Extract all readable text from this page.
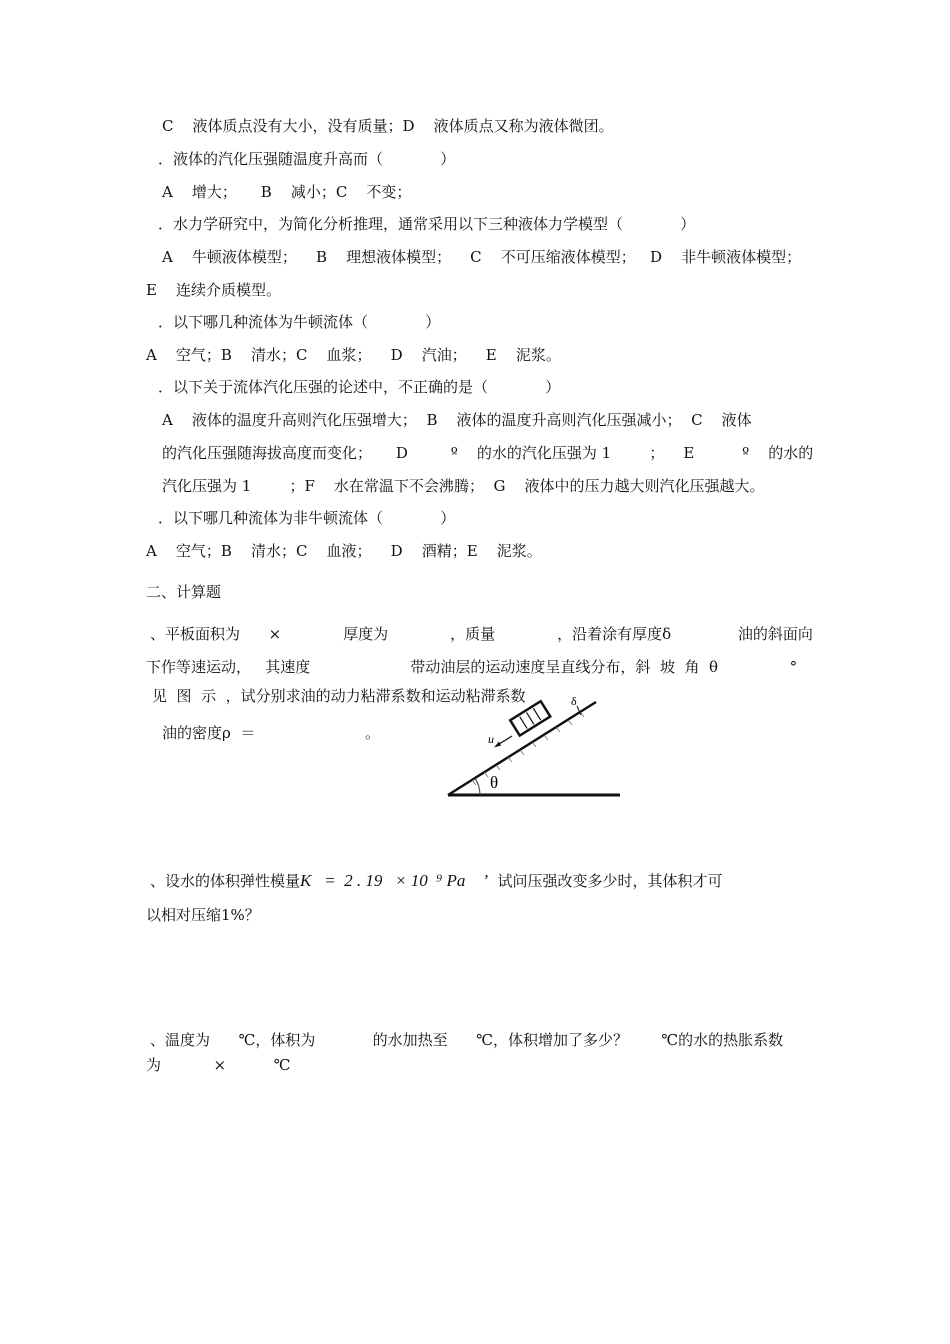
C    液体质点没有大小，没有质量；D    液体质点又称为液体微团。
．液体的汽化压强随温度升高而（            ）
A    增大；     B    减小；C    不变；
．水力学研究中，为简化分析推理，通常采用以下三种液体力学模型（            ）
A    牛顿液体模型；    B    理想液体模型；    C    不可压缩液体模型；   D    非牛顿液体模型；
E    连续介质模型。
．以下哪几种流体为牛顿流体（            ）
A    空气；B    清水；C    血浆；    D    汽油；    E    泥浆。
．以下关于流体汽化压强的论述中，不正确的是（            ）
A    液体的温度升高则汽化压强增大；  B    液体的温度升高则汽化压强减小；  C    液体
的汽化压强随海拔高度而变化；     D         º    的水的汽化压强为 1        ；    E          º    的水的
汽化压强为 1        ；F    水在常温下不会沸腾；  G    液体中的压力越大则汽化压强越大。
．以下哪几种流体为非牛顿流体（            ）
A    空气；B    清水；C    血液；    D    酒精；E    泥浆。
二、计算题
、平板面积为      ×             厚度为             ，质量             ，沿着涂有厚度δ              油的斜面向
下作等速运动，   其速度                     带动油层的运动速度呈直线分布，斜  坡  角  θ               °
见  图  示  ，试分别求油的动力粘滞系数和运动粘滞系数
油的密度ρ  ＝                       。	u
δ
θ
、设水的体积弹性模量K   =  2 . 19   × 10  ⁹ Pa    ’  试问压强改变多少时，其体积才可
以相对压缩1%？
、温度为      ℃，体积为            的水加热至      ℃，体积增加了多少？       ℃的水的热胀系数
为           ×          ℃
